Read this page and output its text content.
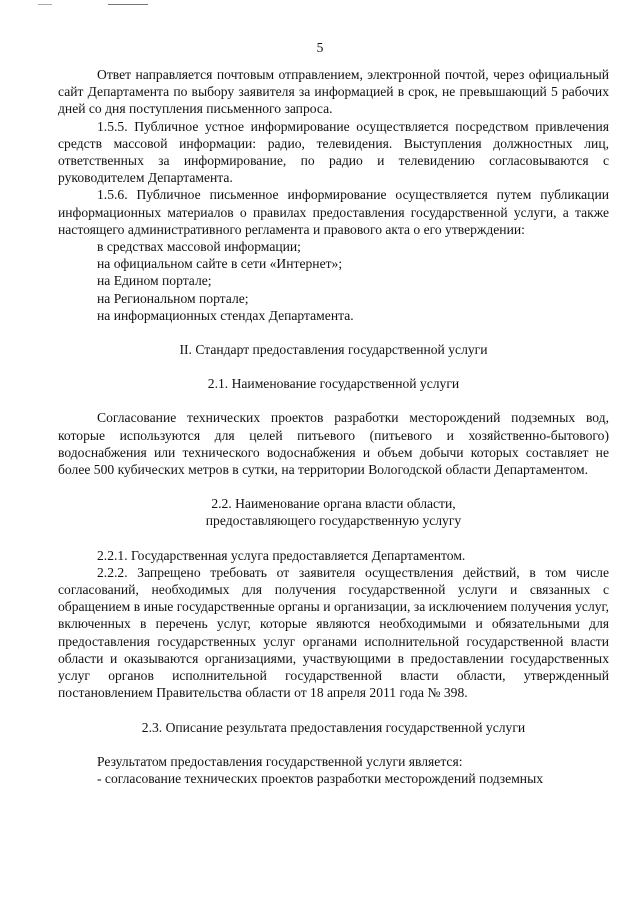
5

Ответ направляется почтовым отправлением, электронной почтой, через официальный сайт Департамента по выбору заявителя за информацией в срок, не превышающий 5 рабочих дней со дня поступления письменного запроса.

1.5.5. Публичное устное информирование осуществляется посредством привлечения средств массовой информации: радио, телевидения. Выступления должностных лиц, ответственных за информирование, по радио и телевидению согласовываются с руководителем Департамента.

1.5.6. Публичное письменное информирование осуществляется путем публикации информационных материалов о правилах предоставления государственной услуги, а также настоящего административного регламента и правового акта о его утверждении:

в средствах массовой информации;

на официальном сайте в сети «Интернет»;

на Едином портале;

на Региональном портале;

на информационных стендах Департамента.

II. Стандарт предоставления государственной услуги

2.1. Наименование государственной услуги

Согласование технических проектов разработки месторождений подземных вод, которые используются для целей питьевого (питьевого и хозяйственно-бытового) водоснабжения или технического водоснабжения и объем добычи которых составляет не более 500 кубических метров в сутки, на территории Вологодской области Департаментом.

2.2. Наименование органа власти области,

предоставляющего государственную услугу

2.2.1. Государственная услуга предоставляется Департаментом.

2.2.2. Запрещено требовать от заявителя осуществления действий, в том числе согласований, необходимых для получения государственной услуги и связанных с обращением в иные государственные органы и организации, за исключением получения услуг, включенных в перечень услуг, которые являются необходимыми и обязательными для предоставления государственных услуг органами исполнительной государственной власти области и оказываются организациями, участвующими в предоставлении государственных услуг органов исполнительной государственной власти области, утвержденный постановлением Правительства области от 18 апреля 2011 года № 398.

2.3. Описание результата предоставления государственной услуги

Результатом предоставления государственной услуги является:

- согласование технических проектов разработки месторождений подземных
